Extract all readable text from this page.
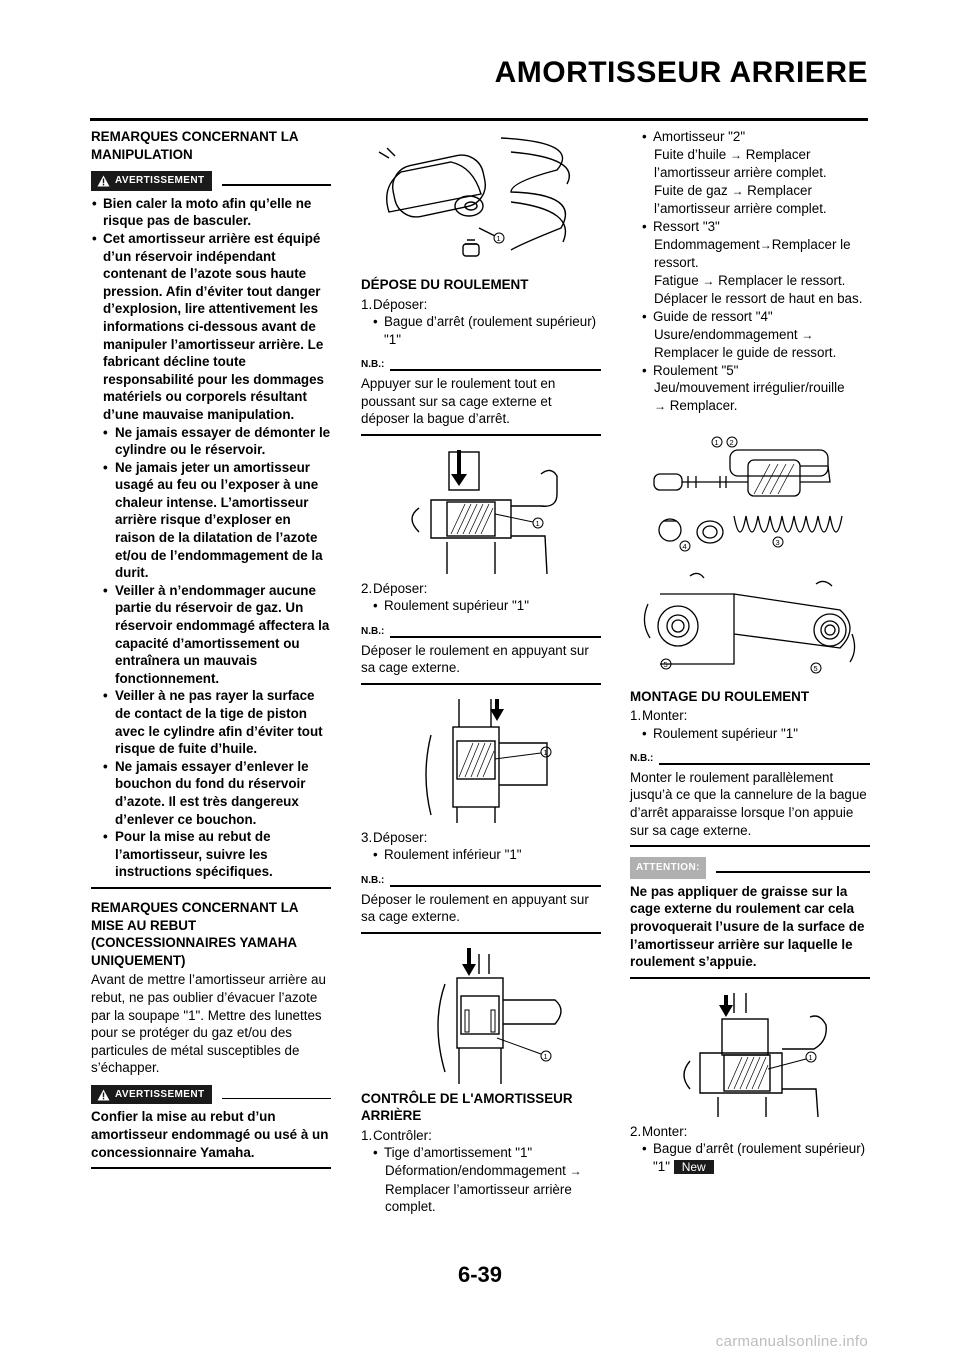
AMORTISSEUR ARRIERE
REMARQUES CONCERNANT LA MANIPULATION
AVERTISSEMENT
• Bien caler la moto afin qu’elle ne risque pas de basculer.
• Cet amortisseur arrière est équipé d’un réservoir indépendant contenant de l’azote sous haute pression. Afin d’éviter tout danger d’explosion, lire attentivement les informations ci-dessous avant de manipuler l’amortisseur arrière. Le fabricant décline toute responsabilité pour les dommages matériels ou corporels résultant d’une mauvaise manipulation.
• Ne jamais essayer de démonter le cylindre ou le réservoir.
• Ne jamais jeter un amortisseur usagé au feu ou l’exposer à une chaleur intense. L’amortisseur arrière risque d’exploser en raison de la dilatation de l’azote et/ou de l’endommagement de la durit.
• Veiller à n’endommager aucune partie du réservoir de gaz. Un réservoir endommagé affectera la capacité d’amortissement ou entraînera un mauvais fonctionnement.
• Veiller à ne pas rayer la surface de contact de la tige de piston avec le cylindre afin d’éviter tout risque de fuite d’huile.
• Ne jamais essayer d’enlever le bouchon du fond du réservoir d’azote. Il est très dangereux d’enlever ce bouchon.
• Pour la mise au rebut de l’amortisseur, suivre les instructions spécifiques.
REMARQUES CONCERNANT LA MISE AU REBUT (CONCESSIONNAIRES YAMAHA UNIQUEMENT)

Avant de mettre l’amortisseur arrière au rebut, ne pas oublier d’évacuer l’azote par la soupape "1". Mettre des lunettes pour se protéger du gaz et/ou des particules de métal susceptibles de s’échapper.

AVERTISSEMENT

Confier la mise au rebut d’un amortisseur endommagé ou usé à un concessionnaire Yamaha.

1
DÉPOSE DU ROULEMENT
1. Déposer:
• Bague d’arrêt (roulement supérieur) "1"
N.B.:

Appuyer sur le roulement tout en poussant sur sa cage externe et déposer la bague d’arrêt.

1
2. Déposer:
• Roulement supérieur "1"
N.B.:

Déposer le roulement en appuyant sur sa cage externe.

1
3. Déposer:
• Roulement inférieur "1"
N.B.:

Déposer le roulement en appuyant sur sa cage externe.

1
CONTRÔLE DE L'AMORTISSEUR ARRIÈRE
1. Contrôler:
• Tige d’amortissement "1"
Déformation/endommagement → Remplacer l’amortisseur arrière complet.
• Amortisseur "2"
Fuite d’huile → Remplacer l’amortisseur arrière complet.
Fuite de gaz → Remplacer l’amortisseur arrière complet.
• Ressort "3"
Endommagement→Remplacer le ressort.
Fatigue → Remplacer le ressort. Déplacer le ressort de haut en bas.
• Guide de ressort "4"
Usure/endommagement → Remplacer le guide de ressort.
• Roulement "5"
Jeu/mouvement irrégulier/rouille
→ Remplacer.
1 2
3
4
5	5
MONTAGE DU ROULEMENT
1. Monter:
• Roulement supérieur "1"
N.B.:

Monter le roulement parallèlement jusqu’à ce que la cannelure de la bague d’arrêt apparaisse lorsque l’on appuie sur sa cage externe.

ATTENTION:

Ne pas appliquer de graisse sur la cage externe du roulement car cela provoquerait l’usure de la surface de l’amortisseur arrière sur laquelle le roulement s’appuie.

1
2. Monter:
• Bague d’arrêt (roulement supérieur) "1" New
6-39
carmanualsonline.info
